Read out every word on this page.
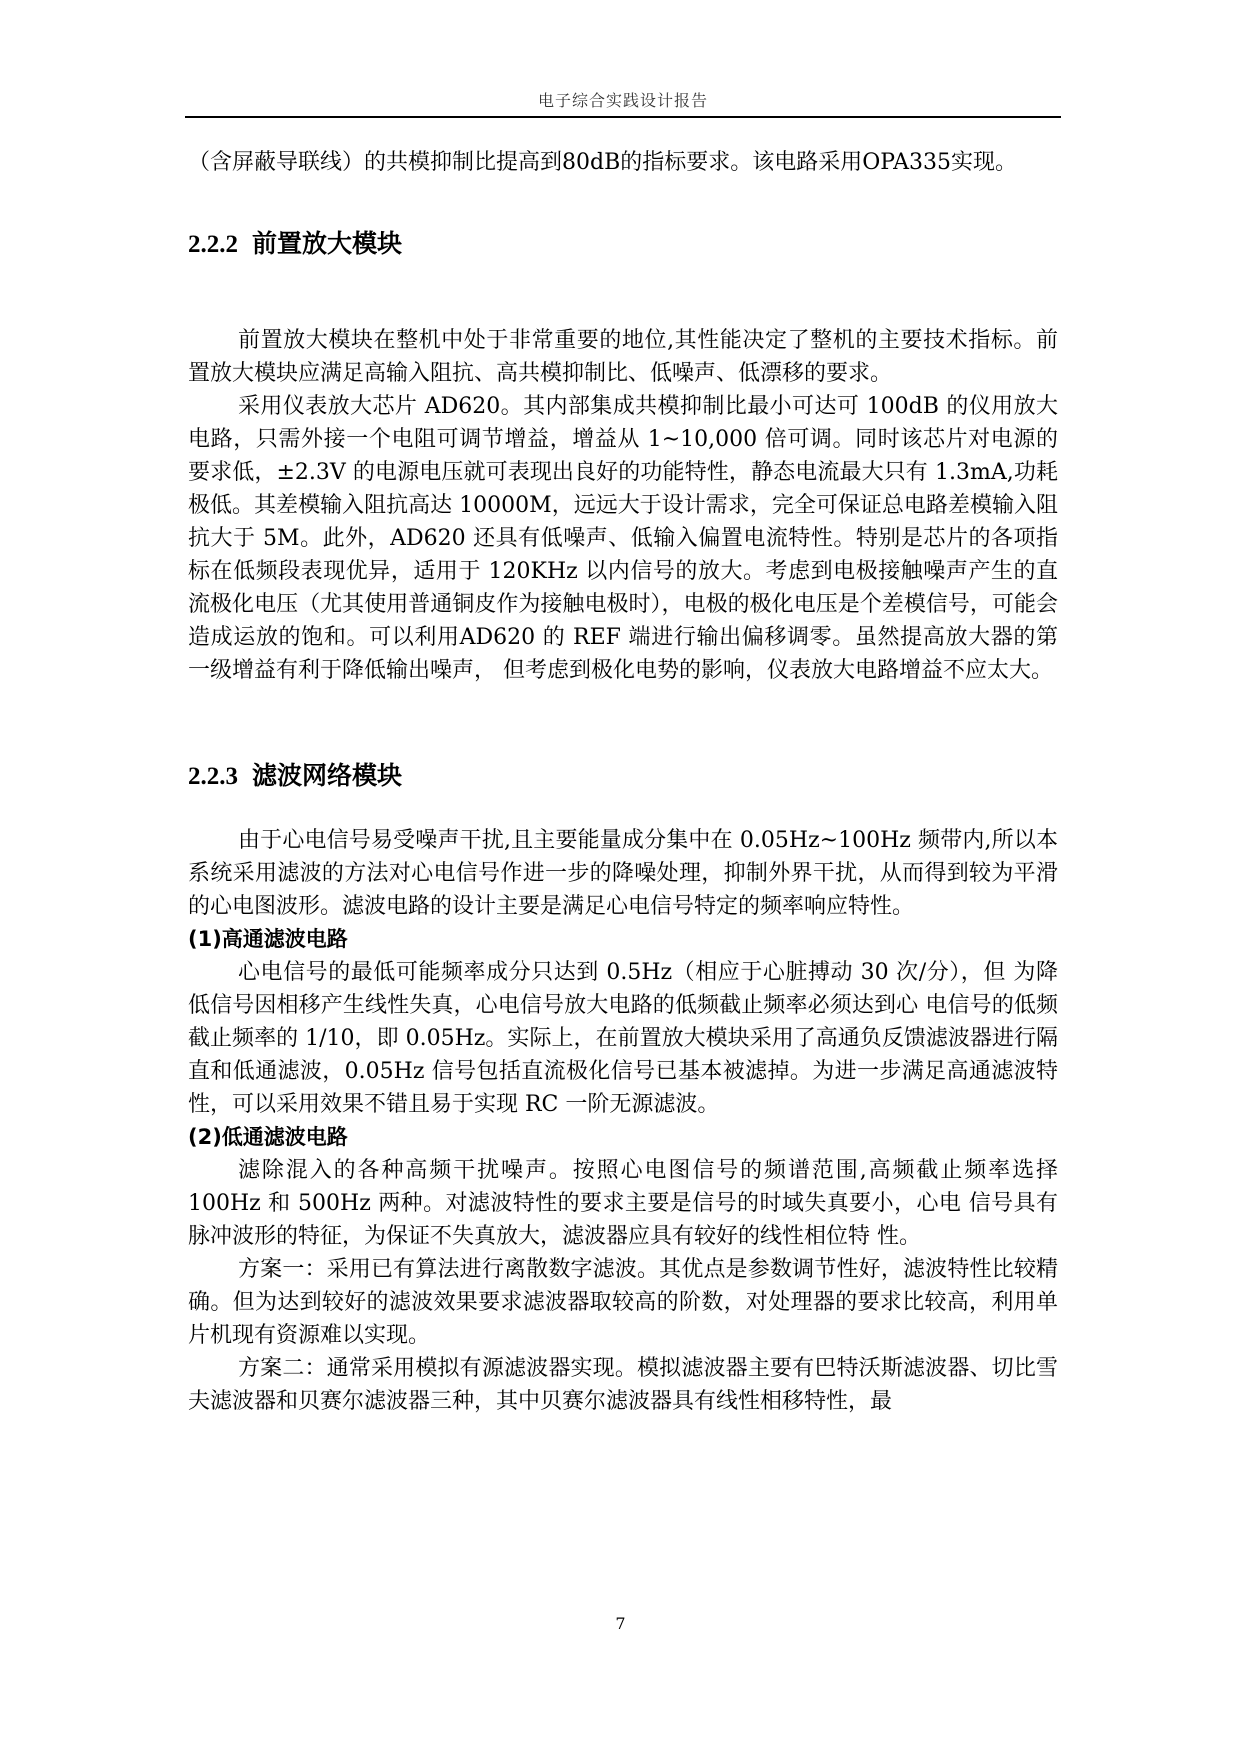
电子综合实践设计报告

（含屏蔽导联线）的共模抑制比提高到80dB的指标要求。该电路采用OPA335实现。

2.2.2 前置放大模块

前置放大模块在整机中处于非常重要的地位,其性能决定了整机的主要技术指标。前置放大模块应满足高输入阻抗、高共模抑制比、低噪声、低漂移的要求。

采用仪表放大芯片 AD620。其内部集成共模抑制比最小可达可 100dB 的仪用放大电路，只需外接一个电阻可调节增益，增益从 1~10,000 倍可调。同时该芯片对电源的要求低，±2.3V 的电源电压就可表现出良好的功能特性，静态电流最大只有 1.3mA,功耗极低。其差模输入阻抗高达 10000M，远远大于设计需求，完全可保证总电路差模输入阻抗大于 5M。此外，AD620 还具有低噪声、低输入偏置电流特性。特别是芯片的各项指标在低频段表现优异，适用于 120KHz 以内信号的放大。考虑到电极接触噪声产生的直流极化电压（尤其使用普通铜皮作为接触电极时），电极的极化电压是个差模信号，可能会造成运放的饱和。可以利用AD620 的 REF 端进行输出偏移调零。虽然提高放大器的第一级增益有利于降低输出噪声， 但考虑到极化电势的影响，仪表放大电路增益不应太大。

2.2.3 滤波网络模块

由于心电信号易受噪声干扰,且主要能量成分集中在 0.05Hz~100Hz 频带内,所以本系统采用滤波的方法对心电信号作进一步的降噪处理，抑制外界干扰，从而得到较为平滑的心电图波形。滤波电路的设计主要是满足心电信号特定的频率响应特性。

(1)高通滤波电路

心电信号的最低可能频率成分只达到 0.5Hz（相应于心脏搏动 30 次/分），但 为降低信号因相移产生线性失真，心电信号放大电路的低频截止频率必须达到心 电信号的低频截止频率的 1/10，即 0.05Hz。实际上，在前置放大模块采用了高通负反馈滤波器进行隔直和低通滤波，0.05Hz 信号包括直流极化信号已基本被滤掉。为进一步满足高通滤波特性，可以采用效果不错且易于实现 RC 一阶无源滤波。

(2)低通滤波电路

滤除混入的各种高频干扰噪声。按照心电图信号的频谱范围,高频截止频率选择 100Hz 和 500Hz 两种。对滤波特性的要求主要是信号的时域失真要小，心电 信号具有脉冲波形的特征，为保证不失真放大，滤波器应具有较好的线性相位特 性。

方案一：采用已有算法进行离散数字滤波。其优点是参数调节性好，滤波特性比较精确。但为达到较好的滤波效果要求滤波器取较高的阶数，对处理器的要求比较高，利用单片机现有资源难以实现。

方案二：通常采用模拟有源滤波器实现。模拟滤波器主要有巴特沃斯滤波器、切比雪夫滤波器和贝赛尔滤波器三种，其中贝赛尔滤波器具有线性相移特性，最

7
